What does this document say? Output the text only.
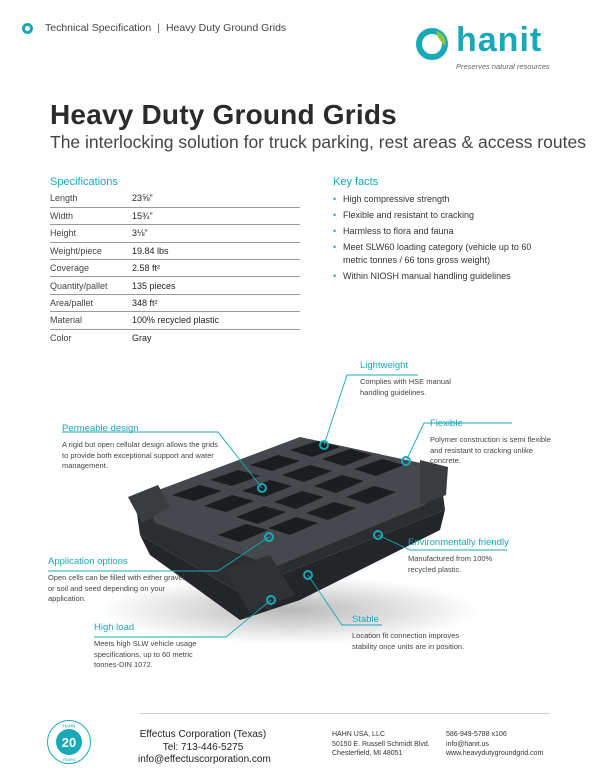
Technical Specification | Heavy Duty Ground Grids	hanit
Preserves natural resources
Heavy Duty Ground Grids
The interlocking solution for truck parking, rest areas & access routes
Specifications
Length	23⅝"
Width	15¾"
Height	3⅛"
Weight/piece	19.84 lbs
Coverage	2.58 ft²
Quantity/pallet	135 pieces
Area/pallet	348 ft²
Material	100% recycled plastic
Color	Gray
Key facts
• High compressive strength
• Flexible and resistant to cracking
• Harmless to flora and fauna
• Meet SLW60 loading category (vehicle up to 60 metric tonnes / 66 tons gross weight)
• Within NIOSH manual handling guidelines
Lightweight
Complies with HSE manual handling guidelines.
Flexible
Polymer construction is semi flexible and resistant to cracking unlike concrete.
Permeable design
A rigid but open cellular design allows the grids to provide both exceptional support and water management.
Environmentally friendly
Manufactured from 100% recycled plastic.
Application options
Open cells can be filled with either gravel or soil and seed depending on your application.
Stable
Location fit connection improves stability once units are in position.
High load
Meets high SLW vehicle usage specifications, up to 60 metric tonnes-DIN 1072.
HAHN
20
YEARS
Effectus Corporation (Texas)
Tel: 713-446-5275
info@effectuscorporation.com
HAHN USA, LLC
50150 E. Russell Schmidt Blvd.
Chesterfield, MI 48051
586-949-5788 x106
info@hanit.us
www.heavydutygroundgrid.com
